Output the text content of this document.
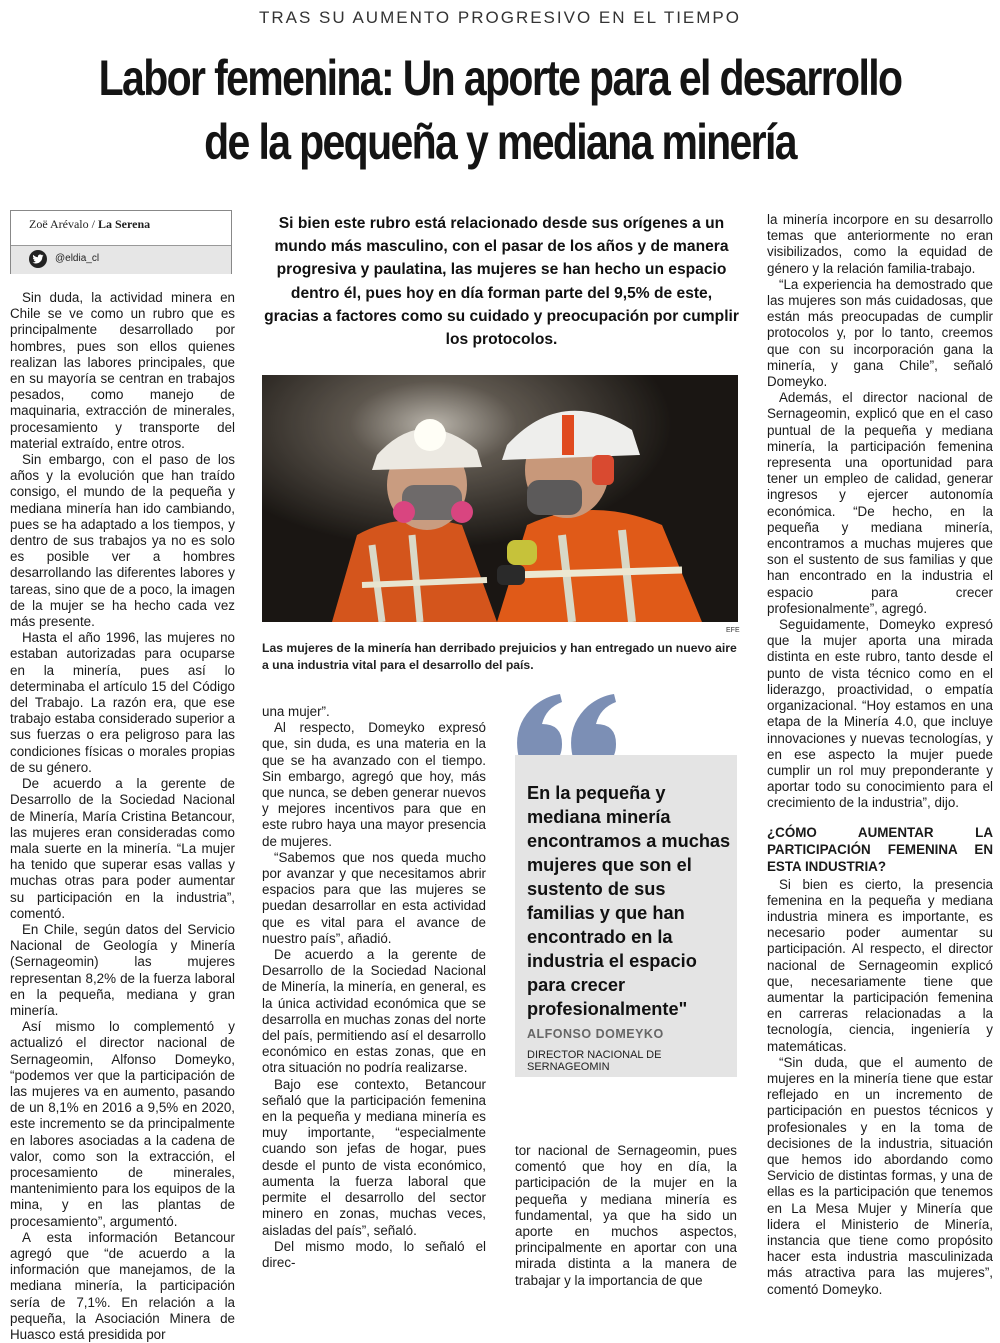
TRAS SU AUMENTO PROGRESIVO EN EL TIEMPO
Labor femenina: Un aporte para el desarrollo
de la pequeña y mediana minería
Zoë Arévalo / La Serena
@eldia_cl
Si bien este rubro está relacionado desde sus orígenes a un mundo más masculino, con el pasar de los años y de manera progresiva y paulatina, las mujeres se han hecho un espacio dentro él, pues hoy en día forman parte del 9,5% de este, gracias a factores como su cuidado y preocupación por cumplir los protocolos.
EFE
Las mujeres de la minería han derribado prejuicios y han entregado un nuevo aire a una industria vital para el desarrollo del país.
En la pequeña y mediana minería encontramos a muchas mujeres que son el sustento de sus familias y que han encontrado en la industria el espacio para crecer profesionalmente"
ALFONSO DOMEYKO
DIRECTOR NACIONAL DE SERNAGEOMIN

Sin duda, la actividad minera en Chile se ve como un rubro que es principalmente desarrollado por hombres, pues son ellos quienes realizan las labores principales, que en su mayoría se centran en trabajos pesados, como manejo de maquinaria, extracción de minerales, procesamiento y transporte del material extraído, entre otros.

Sin embargo, con el paso de los años y la evolución que han traído consigo, el mundo de la pequeña y mediana minería han ido cambiando, pues se ha adaptado a los tiempos, y dentro de sus trabajos ya no es solo es posible ver a hombres desarrollando las diferentes labores y tareas, sino que de a poco, la imagen de la mujer se ha hecho cada vez más presente.

Hasta el año 1996, las mujeres no estaban autorizadas para ocuparse en la minería, pues así lo determinaba el artículo 15 del Código del Trabajo. La razón era, que ese trabajo estaba considerado superior a sus fuerzas o era peligroso para las condiciones físicas o morales propias de su género.

De acuerdo a la gerente de Desarrollo de la Sociedad Nacional de Minería, María Cristina Betancour, las mujeres eran consideradas como mala suerte en la minería. “La mujer ha tenido que superar esas vallas y muchas otras para poder aumentar su participación en la industria”, comentó.

En Chile, según datos del Servicio Nacional de Geología y Minería (Sernageomin) las mujeres representan 8,2% de la fuerza laboral en la pequeña, mediana y gran minería.

Así mismo lo complementó y actualizó el director nacional de Sernageomin, Alfonso Domeyko, “podemos ver que la participación de las mujeres va en aumento, pasando de un 8,1% en 2016 a 9,5% en 2020, este incremento se da principalmente en labores asociadas a la cadena de valor, como son la extracción, el procesamiento de minerales, mantenimiento para los equipos de la mina, y en las plantas de procesamiento”, argumentó.

A esta información Betancour agregó que “de acuerdo a la información que manejamos, de la mediana minería, la participación sería de 7,1%. En relación a la pequeña, la Asociación Minera de Huasco está presidida por

una mujer”.

Al respecto, Domeyko expresó que, sin duda, es una materia en la que se ha avanzado con el tiempo. Sin embargo, agregó que hoy, más que nunca, se deben generar nuevos y mejores incentivos para que en este rubro haya una mayor presencia de mujeres.

“Sabemos que nos queda mucho por avanzar y que necesitamos abrir espacios para que las mujeres se puedan desarrollar en esta actividad que es vital para el avance de nuestro país”, añadió.

De acuerdo a la gerente de Desarrollo de la Sociedad Nacional de Minería, la minería, en general, es la única actividad económica que se desarrolla en muchas zonas del norte del país, permitiendo así el desarrollo económico en estas zonas, que en otra situación no podría realizarse.

Bajo ese contexto, Betancour señaló que la participación femenina en la pequeña y mediana minería es muy importante, “especialmente cuando son jefas de hogar, pues desde el punto de vista económico, aumenta la fuerza laboral que permite el desarrollo del sector minero en zonas, muchas veces, aisladas del país”, señaló.

Del mismo modo, lo señaló el direc-

tor nacional de Sernageomin, pues comentó que hoy en día, la participación de la mujer en la pequeña y mediana minería es fundamental, ya que ha sido un aporte en muchos aspectos, principalmente en aportar con una mirada distinta a la manera de trabajar y la importancia de que

la minería incorpore en su desarrollo temas que anteriormente no eran visibilizados, como la equidad de género y la relación familia-trabajo.

“La experiencia ha demostrado que las mujeres son más cuidadosas, que están más preocupadas de cumplir protocolos y, por lo tanto, creemos que con su incorporación gana la minería, y gana Chile”, señaló Domeyko.

Además, el director nacional de Sernageomin, explicó que en el caso puntual de la pequeña y mediana minería, la participación femenina representa una oportunidad para tener un empleo de calidad, generar ingresos y ejercer autonomía económica. “De hecho, en la pequeña y mediana minería, encontramos a muchas mujeres que son el sustento de sus familias y que han encontrado en la industria el espacio para crecer profesionalmente”, agregó.

Seguidamente, Domeyko expresó que la mujer aporta una mirada distinta en este rubro, tanto desde el punto de vista técnico como en el liderazgo, proactividad, o empatía organizacional. “Hoy estamos en una etapa de la Minería 4.0, que incluye innovaciones y nuevas tecnologías, y en ese aspecto la mujer puede cumplir un rol muy preponderante y aportar todo su conocimiento para el crecimiento de la industria”, dijo.

¿CÓMO AUMENTAR LA PARTICIPACIÓN FEMENINA EN ESTA INDUSTRIA?

Si bien es cierto, la presencia femenina en la pequeña y mediana industria minera es importante, es necesario poder aumentar su participación. Al respecto, el director nacional de Sernageomin explicó que, necesariamente tiene que aumentar la participación femenina en carreras relacionadas a la tecnología, ciencia, ingeniería y matemáticas.

“Sin duda, que el aumento de mujeres en la minería tiene que estar reflejado en un incremento de participación en puestos técnicos y profesionales y en la toma de decisiones de la industria, situación que hemos ido abordando como Servicio de distintas formas, y una de ellas es la participación que tenemos en La Mesa Mujer y Minería que lidera el Ministerio de Minería, instancia que tiene como propósito hacer esta industria masculinizada más atractiva para las mujeres”, comentó Domeyko.
